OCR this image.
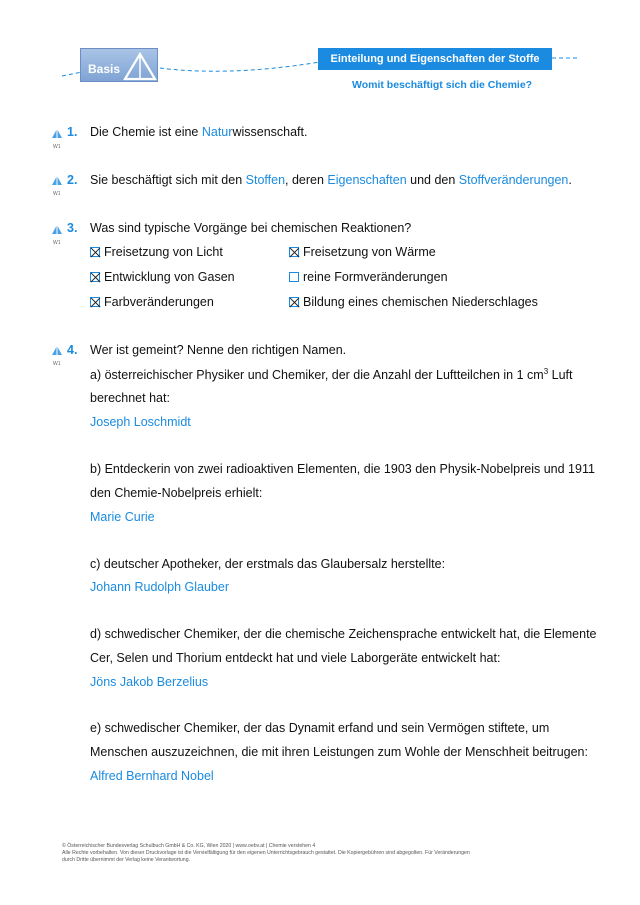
Basis
Einteilung und Eigenschaften der Stoffe
Womit beschäftigt sich die Chemie?
W1
W1
W1
W1
1. Die Chemie ist eine Naturwissenschaft.
2. Sie beschäftigt sich mit den Stoffen, deren Eigenschaften und den Stoffveränderungen.
3. Was sind typische Vorgänge bei chemischen Reaktionen?
Freisetzung von Licht	Freisetzung von Wärme
Entwicklung von Gasen	reine Formveränderungen
Farbveränderungen	Bildung eines chemischen Niederschlages
4. Wer ist gemeint? Nenne den richtigen Namen.
a) österreichischer Physiker und Chemiker, der die Anzahl der Luftteilchen in 1 $cm^3$ Luft
berechnet hat:
Joseph Loschmidt
b) Entdeckerin von zwei radioaktiven Elementen, die 1903 den Physik-Nobelpreis und 1911
den Chemie-Nobelpreis erhielt:
Marie Curie
c) deutscher Apotheker, der erstmals das Glaubersalz herstellte:
Johann Rudolph Glauber
d) schwedischer Chemiker, der die chemische Zeichensprache entwickelt hat, die Elemente
Cer, Selen und Thorium entdeckt hat und viele Laborgeräte entwickelt hat:
Jöns Jakob Berzelius
e) schwedischer Chemiker, der das Dynamit erfand und sein Vermögen stiftete, um
Menschen auszuzeichnen, die mit ihren Leistungen zum Wohle der Menschheit beitrugen:
Alfred Bernhard Nobel
© Österreichischer Bundesverlag Schulbuch GmbH & Co. KG, Wien 2020 | www.oebv.at | Chemie verstehen 4
Alle Rechte vorbehalten. Von dieser Druckvorlage ist die Vervielfältigung für den eigenen Unterrichtsgebrauch gestattet. Die Kopiergebühren sind abgegolten. Für Veränderungen
durch Dritte übernimmt der Verlag keine Verantwortung.
